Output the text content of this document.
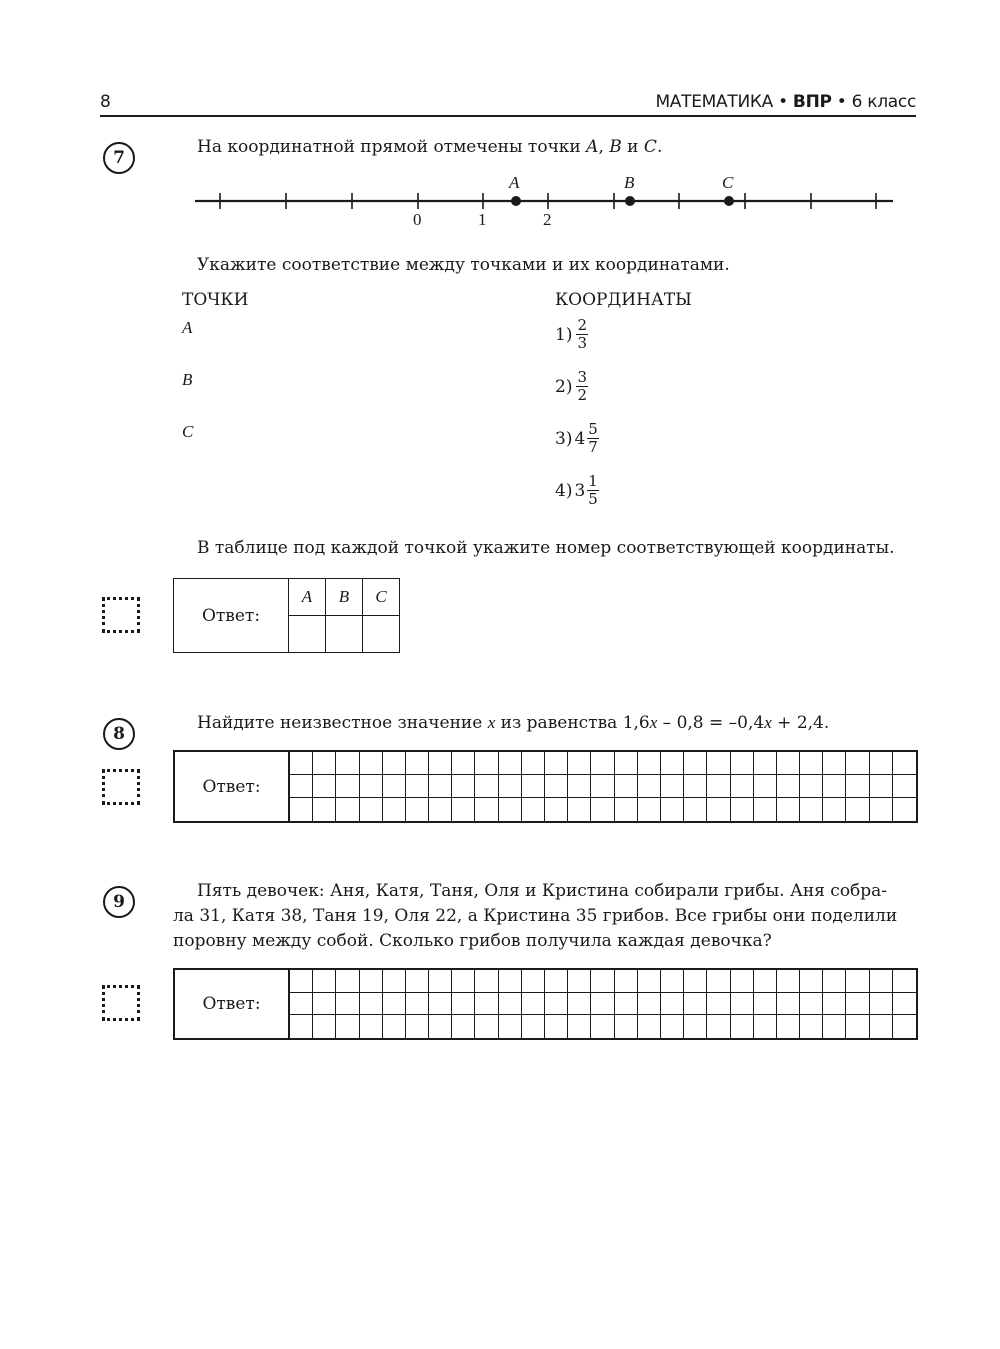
8	МАТЕМАТИКА • ВПР • 6 класс
7
На координатной прямой отмечены точки A, B и C.
A	B	C
0	1	2
Укажите соответствие между точками и их координатами.
ТОЧКИ	КООРДИНАТЫ
A
B
C
$1) \frac{2}{3}$
$2) \frac{3}{2}$
3) $4 \frac{5}{7}$
4) $3 \frac{1}{5}$
В таблице под каждой точкой укажите номер соответствующей координаты.
Ответ:	A	B	C

8
Найдите неизвестное значение x из равенства 1,6x – 0,8 = –0,4x + 2,4.
Ответ:
9
Пять девочек: Аня, Катя, Таня, Оля и Кристина собирали грибы. Аня собра-
ла 31, Катя 38, Таня 19, Оля 22, а Кристина 35 грибов. Все грибы они поделили
поровну между собой. Сколько грибов получила каждая девочка?
Ответ:
